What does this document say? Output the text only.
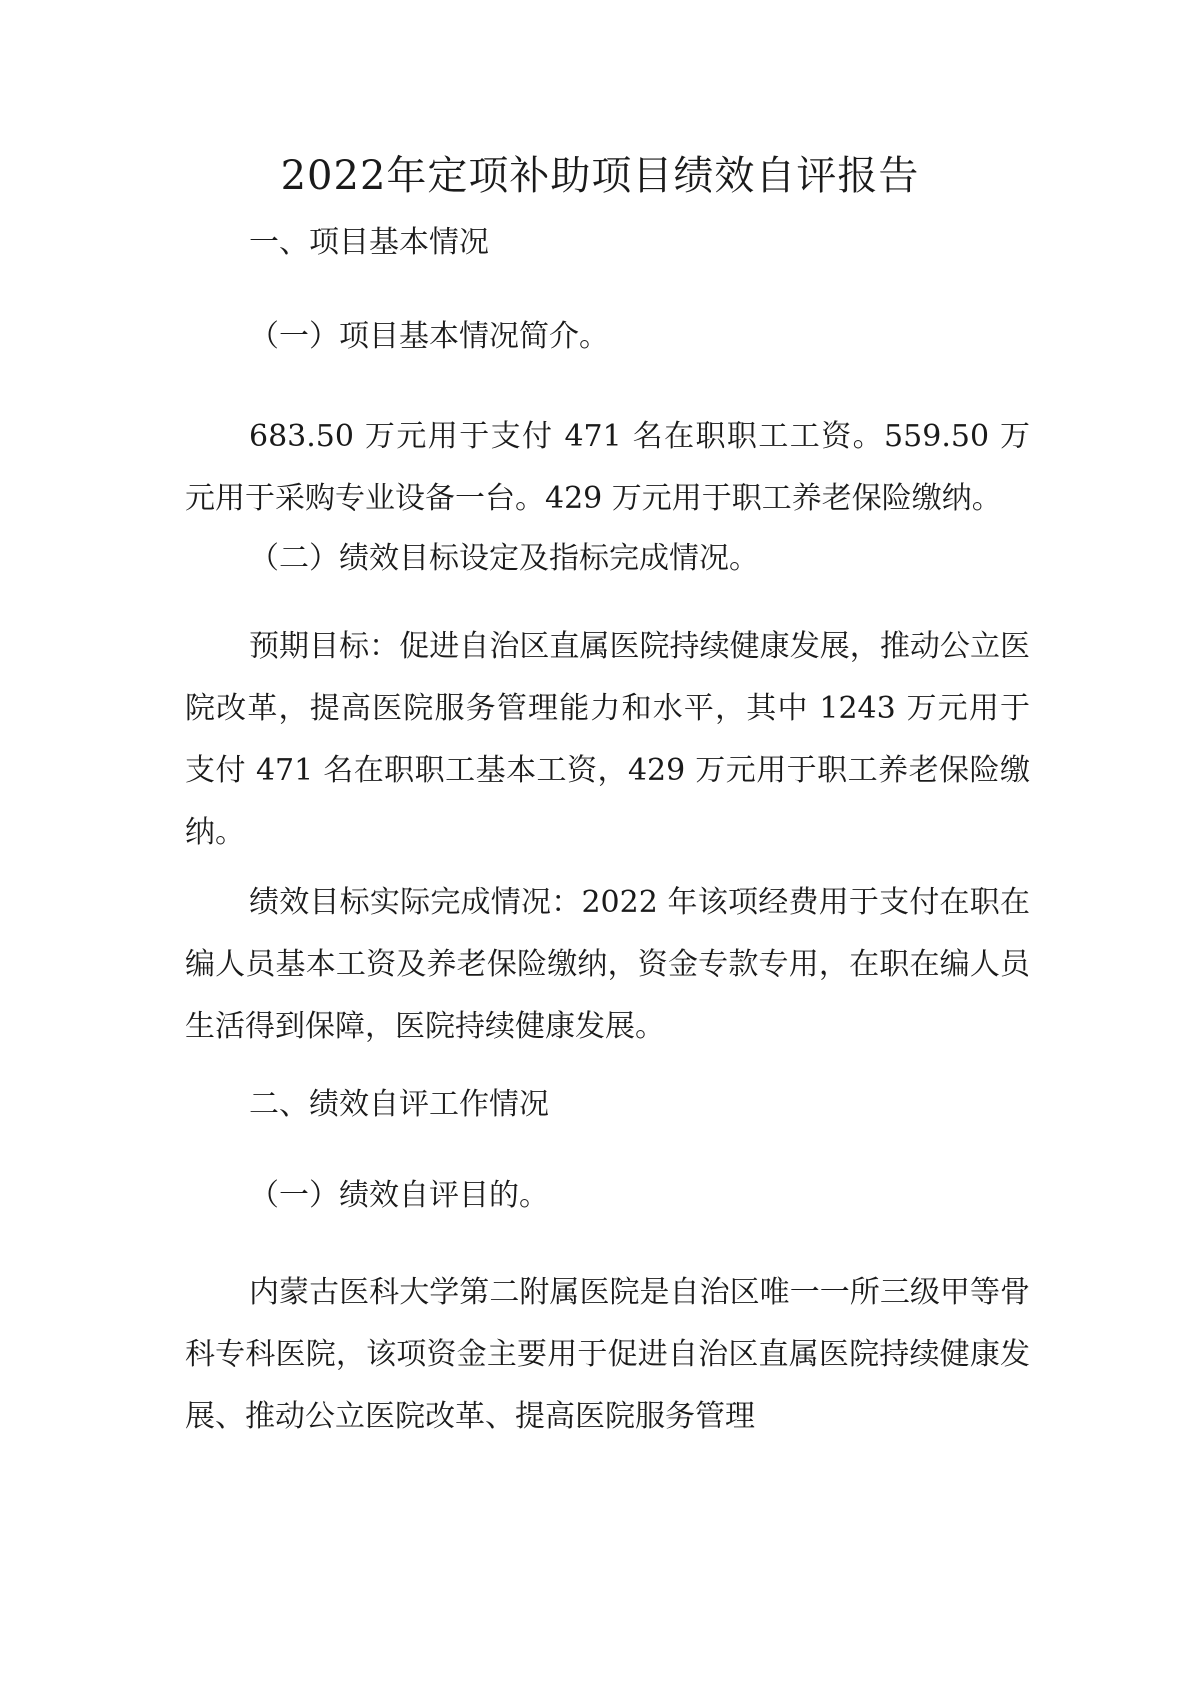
2022年定项补助项目绩效自评报告

一、项目基本情况

（一）项目基本情况简介。

683.50 万元用于支付 471 名在职职工工资。559.50 万元用于采购专业设备一台。429 万元用于职工养老保险缴纳。

（二）绩效目标设定及指标完成情况。

预期目标：促进自治区直属医院持续健康发展，推动公立医院改革，提高医院服务管理能力和水平，其中 1243 万元用于支付 471 名在职职工基本工资，429 万元用于职工养老保险缴纳。

绩效目标实际完成情况：2022 年该项经费用于支付在职在编人员基本工资及养老保险缴纳，资金专款专用，在职在编人员生活得到保障，医院持续健康发展。

二、绩效自评工作情况

（一）绩效自评目的。

内蒙古医科大学第二附属医院是自治区唯一一所三级甲等骨科专科医院，该项资金主要用于促进自治区直属医院持续健康发展、推动公立医院改革、提高医院服务管理
